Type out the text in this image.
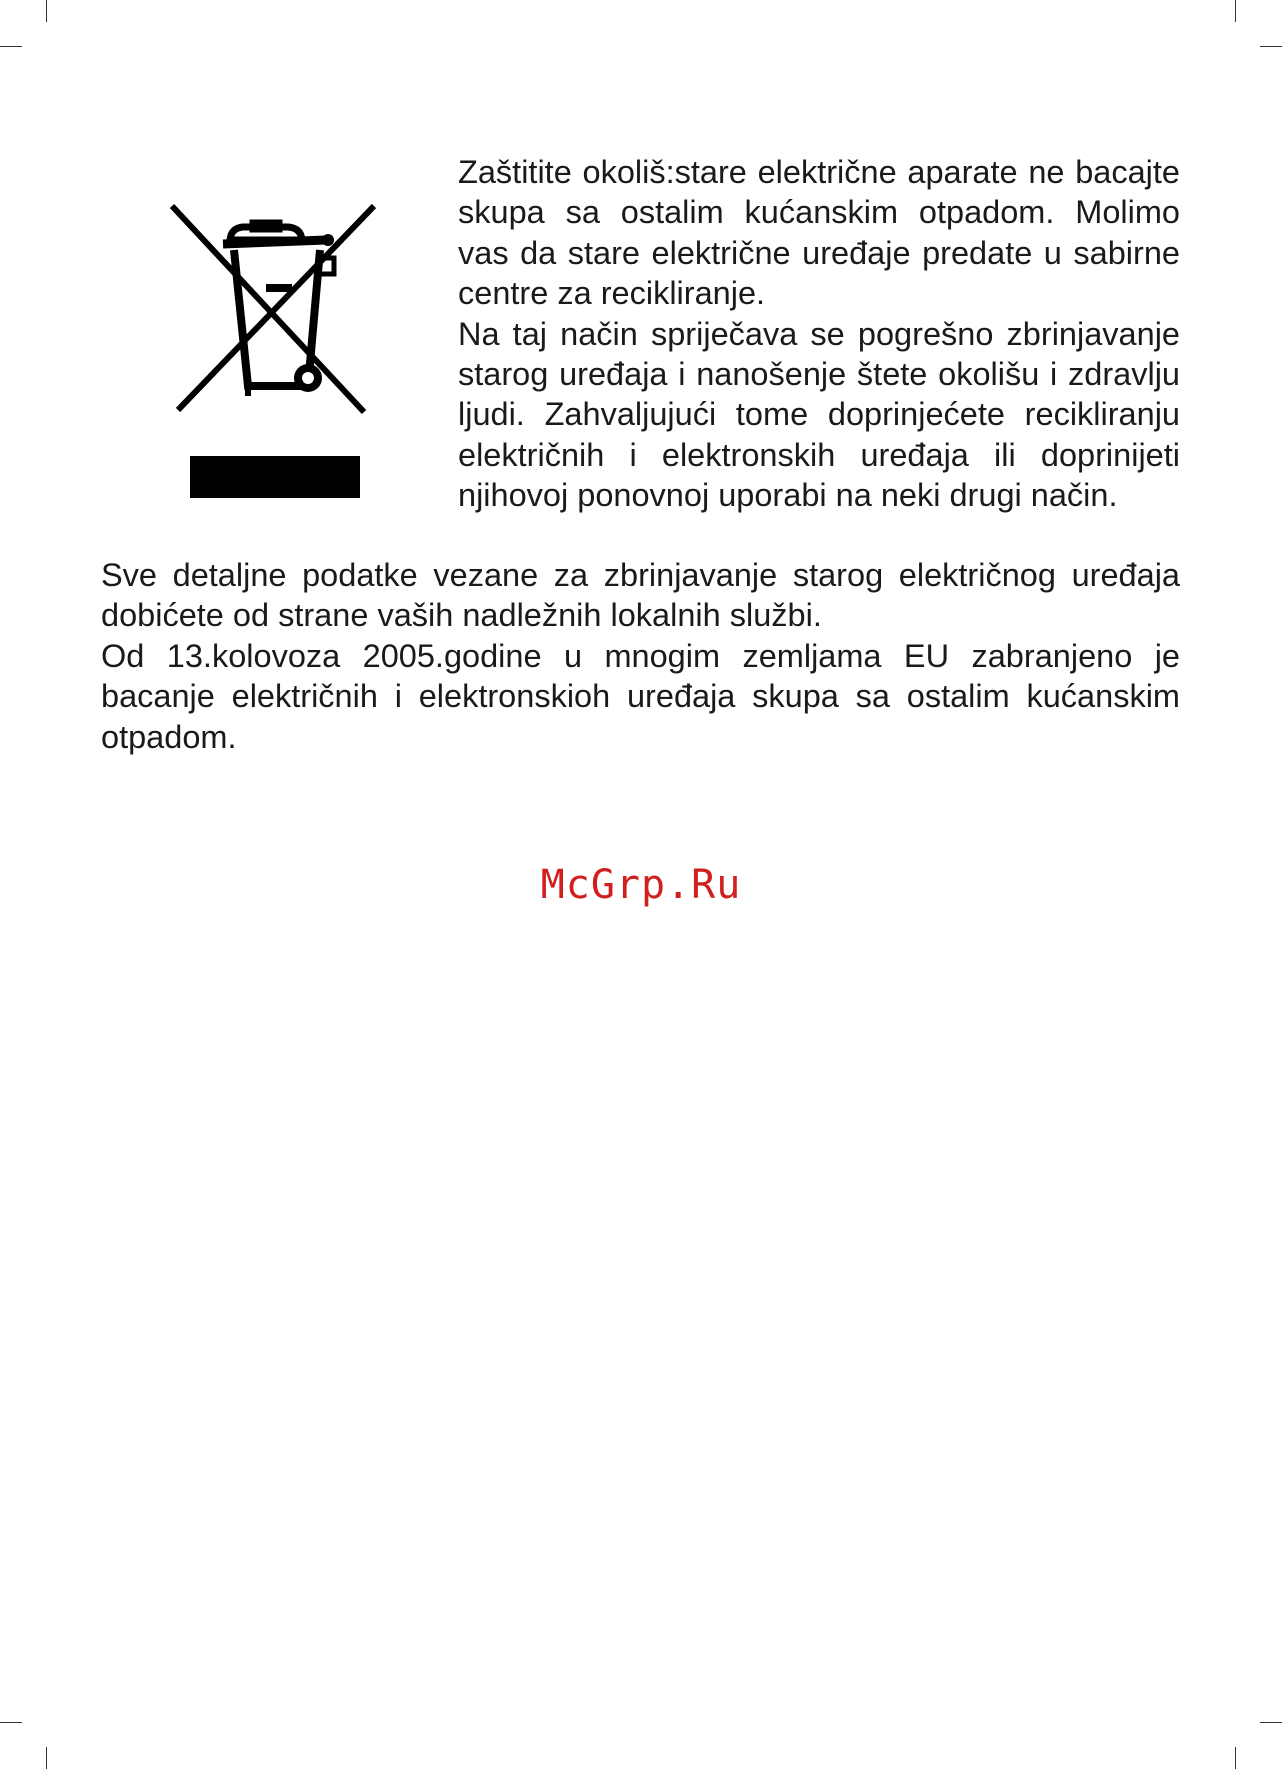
Zaštitite okoliš:stare električne aparate ne bacajte skupa sa ostalim kućanskim otpadom. Molimo vas da stare električne uređaje predate u sabirne centre za recikliranje.
Na taj način spriječava se pogrešno zbrinjavanje starog uređaja i nanošenje štete okolišu i zdravlju ljudi. Zahvaljujući tome doprinjećete recikliranju električnih i elektronskih uređaja ili doprinijeti njihovoj ponovnoj uporabi na neki drugi način.

Sve detaljne podatke vezane za zbrinjavanje starog električnog uređaja dobićete od strane vaših nadležnih lokalnih službi.

Od 13.kolovoza 2005.godine u mnogim zemljama EU zabranjeno je bacanje električnih i elektronskioh uređaja skupa sa ostalim kućanskim otpadom.

McGrp.Ru
